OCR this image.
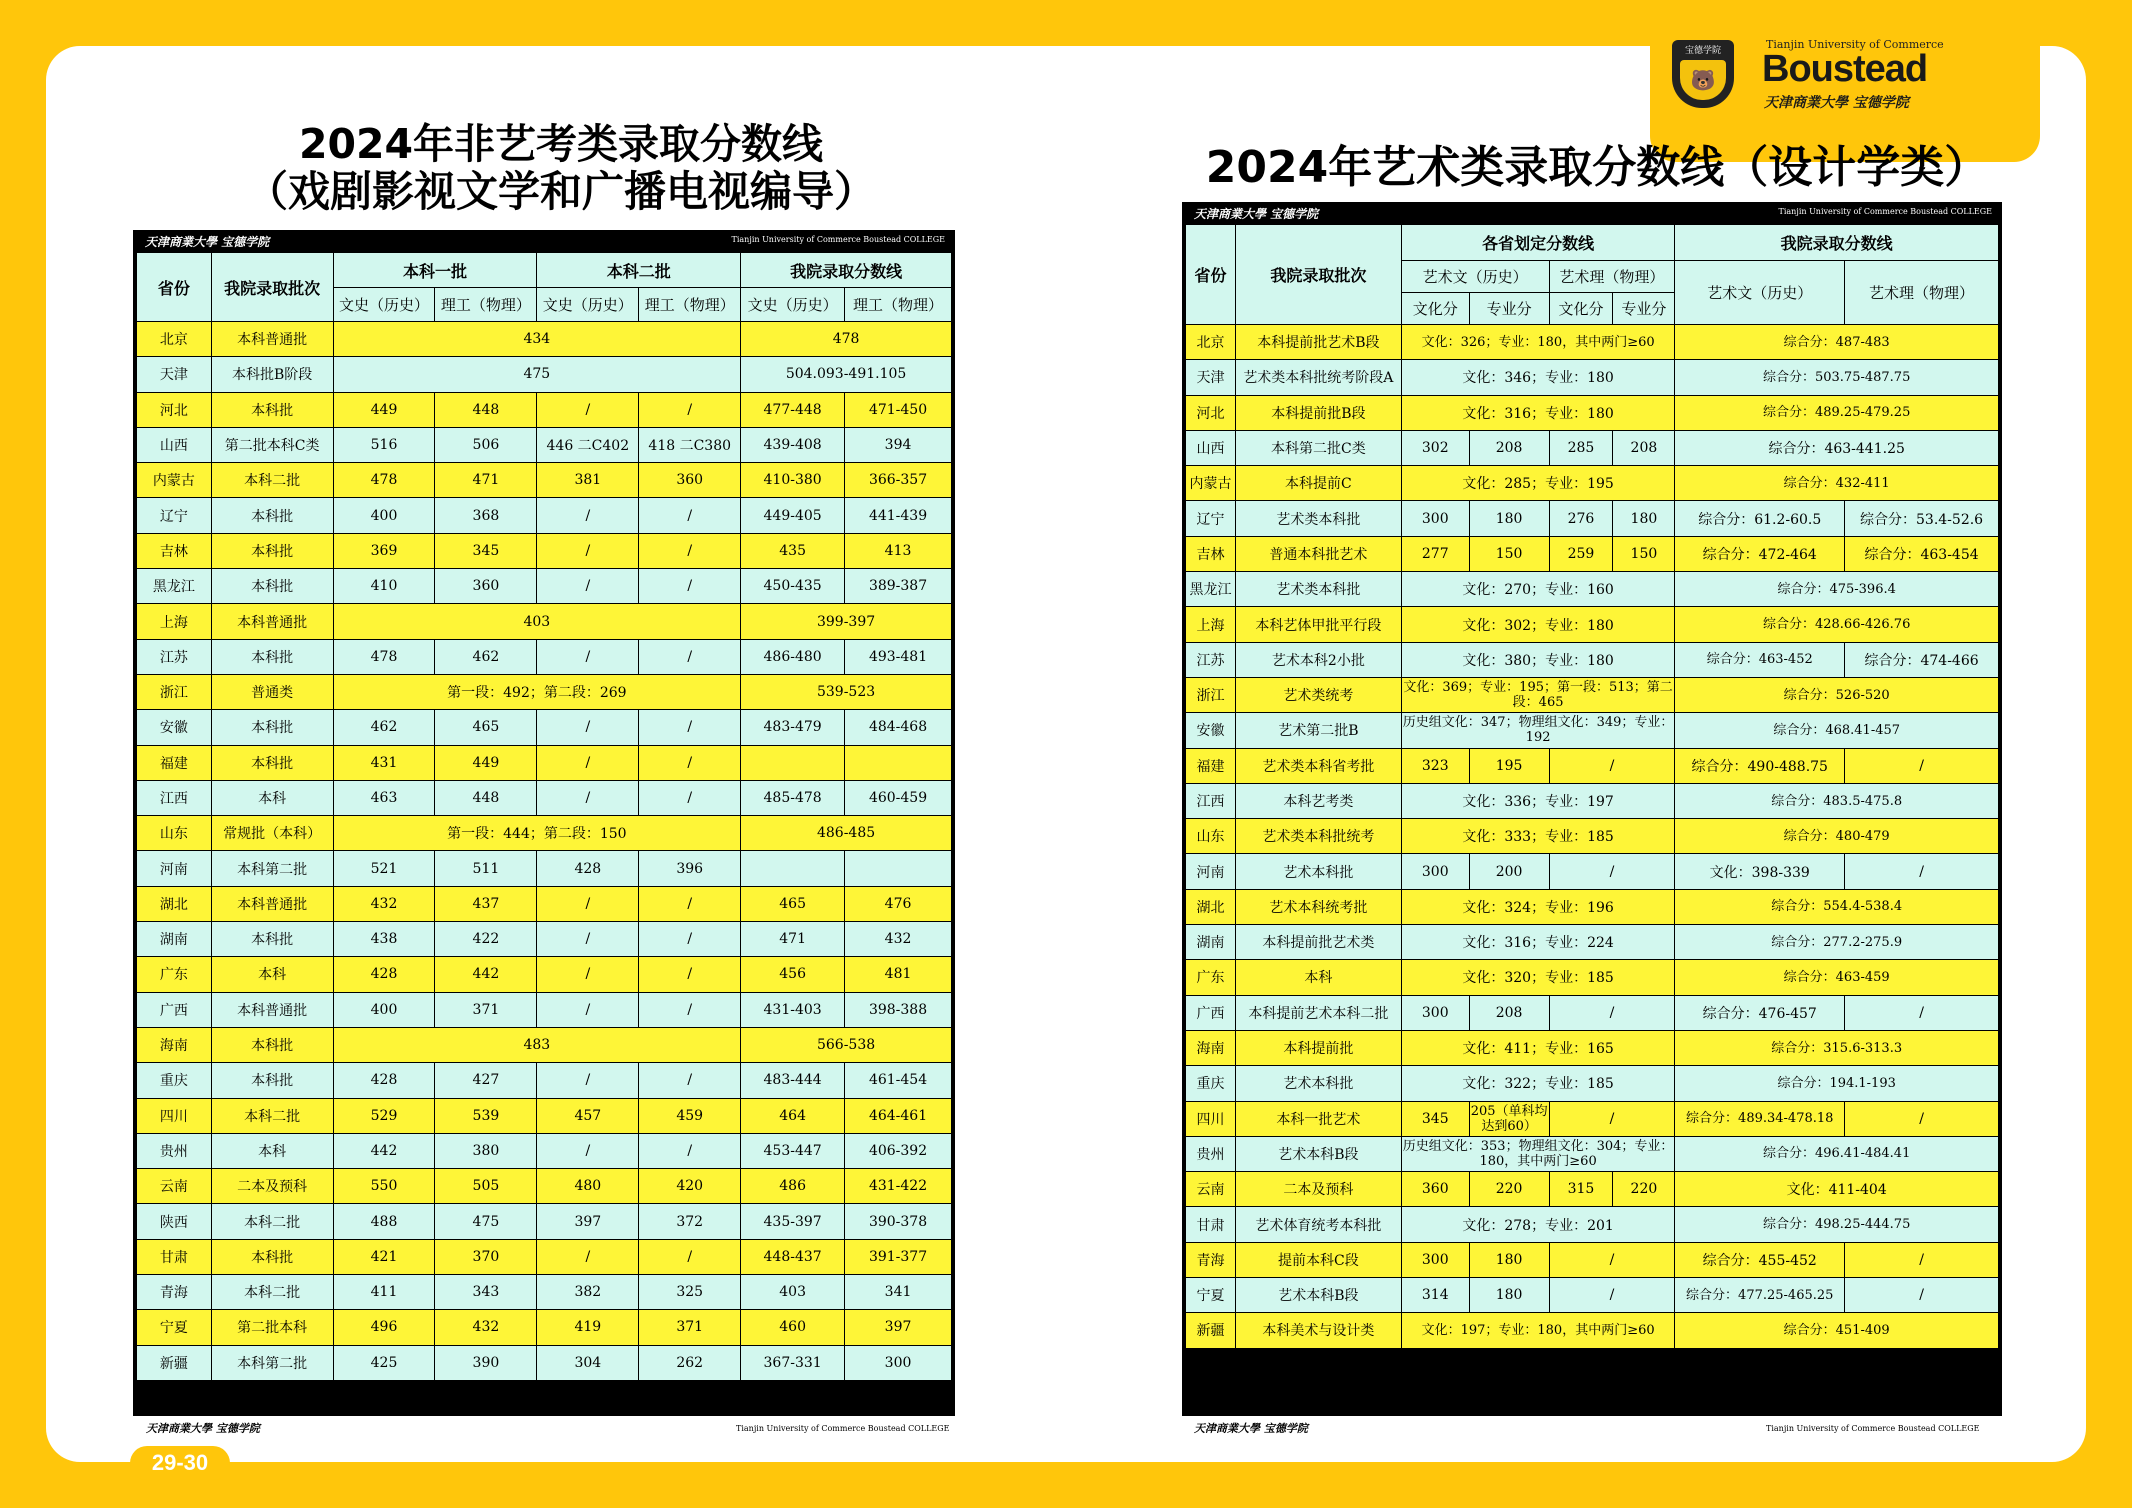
宝德学院
🐻
Tianjin University of Commerce
Boustead
天津商業大學 宝德学院
2024年非艺考类录取分数线
（戏剧影视文学和广播电视编导）	2024年艺术类录取分数线（设计学类）
天津商業大學 宝德学院	Tianjin University of Commerce Boustead COLLEGE
省份	我院录取批次	本科一批		本科二批		我院录取分数线	
		文史（历史）	理工（物理）	文史（历史）	理工（物理）	文史（历史）	理工（物理）
北京	本科普通批	434				478	
天津	本科批B阶段	475				504.093-491.105	
河北	本科批	449	448	/	/	477-448	471-450
山西	第二批本科C类	516	506	446 二C402	418 二C380	439-408	394
内蒙古	本科二批	478	471	381	360	410-380	366-357
辽宁	本科批	400	368	/	/	449-405	441-439
吉林	本科批	369	345	/	/	435	413
黑龙江	本科批	410	360	/	/	450-435	389-387
上海	本科普通批	403				399-397	
江苏	本科批	478	462	/	/	486-480	493-481
浙江	普通类	第一段：492；第二段：269				539-523	
安徽	本科批	462	465	/	/	483-479	484-468
福建	本科批	431	449	/	/		
江西	本科	463	448	/	/	485-478	460-459
山东	常规批（本科）	第一段：444；第二段：150				486-485	
河南	本科第二批	521	511	428	396		
湖北	本科普通批	432	437	/	/	465	476
湖南	本科批	438	422	/	/	471	432
广东	本科	428	442	/	/	456	481
广西	本科普通批	400	371	/	/	431-403	398-388
海南	本科批	483				566-538	
重庆	本科批	428	427	/	/	483-444	461-454
四川	本科二批	529	539	457	459	464	464-461
贵州	本科	442	380	/	/	453-447	406-392
云南	二本及预科	550	505	480	420	486	431-422
陕西	本科二批	488	475	397	372	435-397	390-378
甘肃	本科批	421	370	/	/	448-437	391-377
青海	本科二批	411	343	382	325	403	341
宁夏	第二批本科	496	432	419	371	460	397
新疆	本科第二批	425	390	304	262	367-331	300
天津商業大學 宝德学院	Tianjin University of Commerce Boustead COLLEGE
省份	我院录取批次	各省划定分数线				我院录取分数线	
		艺术文（历史）		艺术理（物理）		艺术文（历史）	艺术理（物理）
		文化分	专业分	文化分	专业分		
北京	本科提前批艺术B段	文化：326；专业：180，其中两门≥60				综合分：487-483	
天津	艺术类本科批统考阶段A	文化：346；专业：180				综合分：503.75-487.75	
河北	本科提前批B段	文化：316；专业：180				综合分：489.25-479.25	
山西	本科第二批C类	302	208	285	208	综合分：463-441.25	
内蒙古	本科提前C	文化：285；专业：195				综合分：432-411	
辽宁	艺术类本科批	300	180	276	180	综合分：61.2-60.5	综合分：53.4-52.6
吉林	普通本科批艺术	277	150	259	150	综合分：472-464	综合分：463-454
黑龙江	艺术类本科批	文化：270；专业：160				综合分：475-396.4	
上海	本科艺体甲批平行段	文化：302；专业：180				综合分：428.66-426.76	
江苏	艺术本科2小批	文化：380；专业：180				综合分：463-452	综合分：474-466
浙江	艺术类统考	文化：369；专业：195；第一段：513；第二段：465				综合分：526-520	
安徽	艺术第二批B	历史组文化：347；物理组文化：349；专业：192				综合分：468.41-457	
福建	艺术类本科省考批	323	195	/		综合分：490-488.75	/
江西	本科艺考类	文化：336；专业：197				综合分：483.5-475.8	
山东	艺术类本科批统考	文化：333；专业：185				综合分：480-479	
河南	艺术本科批	300	200	/		文化：398-339	/
湖北	艺术本科统考批	文化：324；专业：196				综合分：554.4-538.4	
湖南	本科提前批艺术类	文化：316；专业：224				综合分：277.2-275.9	
广东	本科	文化：320；专业：185				综合分：463-459	
广西	本科提前艺术本科二批	300	208	/		综合分：476-457	/
海南	本科提前批	文化：411；专业：165				综合分：315.6-313.3	
重庆	艺术本科批	文化：322；专业：185				综合分：194.1-193	
四川	本科一批艺术	345	205（单科均达到60）	/		综合分：489.34-478.18	/
贵州	艺术本科B段	历史组文化：353；物理组文化：304；专业：180，其中两门≥60				综合分：496.41-484.41	
云南	二本及预科	360	220	315	220	文化：411-404	
甘肃	艺术体育统考本科批	文化：278；专业：201				综合分：498.25-444.75	
青海	提前本科C段	300	180	/		综合分：455-452	/
宁夏	艺术本科B段	314	180	/		综合分：477.25-465.25	/
新疆	本科美术与设计类	文化：197；专业：180，其中两门≥60				综合分：451-409	
天津商業大學 宝德学院	Tianjin University of Commerce Boustead COLLEGE	天津商業大學 宝德学院	Tianjin University of Commerce Boustead COLLEGE
29-30
